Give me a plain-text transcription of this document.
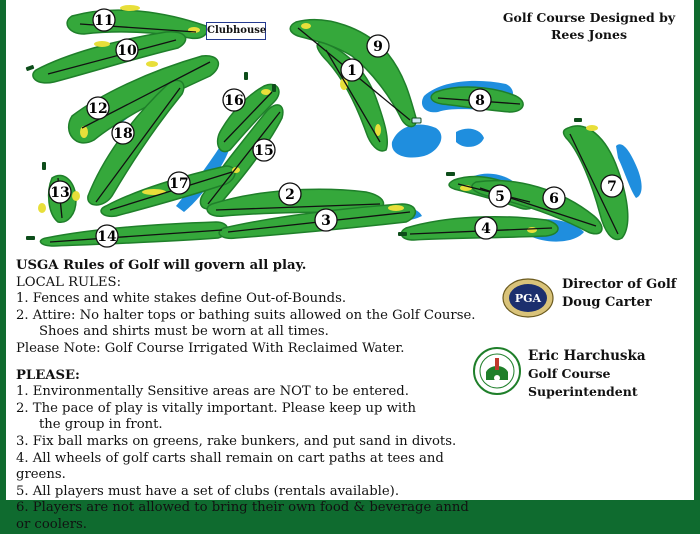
11
10	9
1
8
16
12
18
15
17	7
13	2	5	6
3	4
14
Clubhouse
Golf Course Designed by
Rees Jones
USGA Rules of Golf will govern all play.
LOCAL RULES:
1. Fences and white stakes define Out-of-Bounds.
2. Attire: No halter tops or bathing suits allowed on the Golf Course.
Shoes and shirts must be worn at all times.
Please Note: Golf Course Irrigated With Reclaimed Water.
PLEASE:
1. Environmentally Sensitive areas are NOT to be entered.
2. The pace of play is vitally important. Please keep up with
the group in front.
3. Fix ball marks on greens, rake bunkers, and put sand in divots.
4. All wheels of golf carts shall remain on cart paths at tees and greens.
5. All players must have a set of clubs (rentals available).
6. Players are not allowed to bring their own food & beverage annd or coolers.
PGA
Director of Golf
Doug Carter
Eric Harchuska
Golf Course Superintendent
